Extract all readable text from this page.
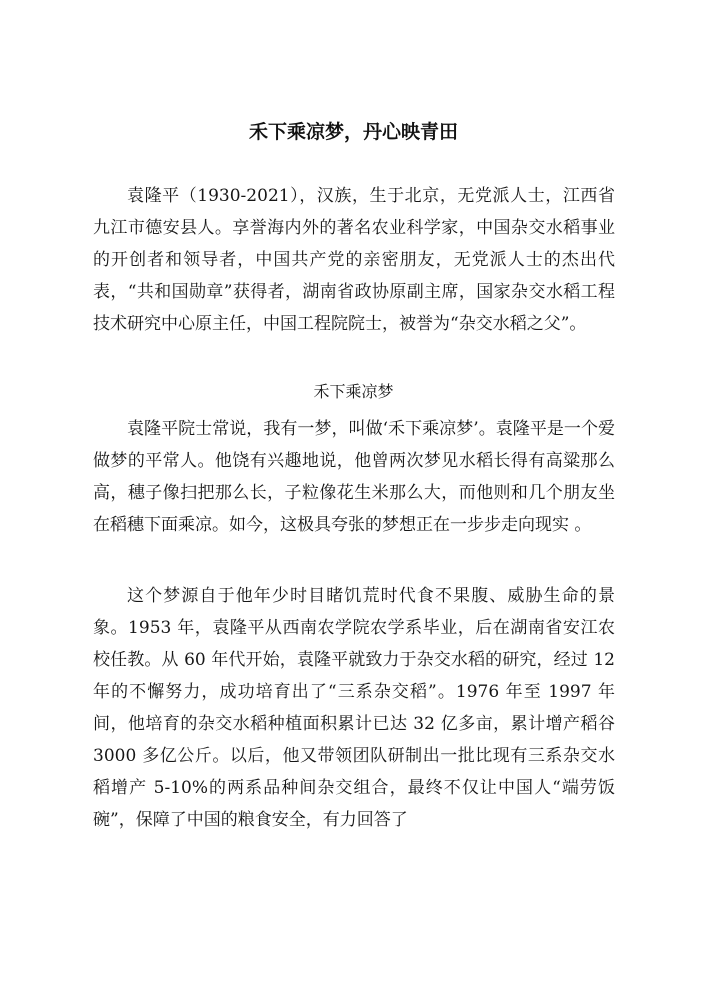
禾下乘凉梦，丹心映青田
袁隆平（1930-2021），汉族，生于北京，无党派人士，江西省九江市德安县人。享誉海内外的著名农业科学家，中国杂交水稻事业的开创者和领导者，中国共产党的亲密朋友，无党派人士的杰出代表，“共和国勋章”获得者，湖南省政协原副主席，国家杂交水稻工程技术研究中心原主任，中国工程院院士，被誉为“杂交水稻之父”。
禾下乘凉梦
袁隆平院士常说，我有一梦，叫做‘禾下乘凉梦’。袁隆平是一个爱做梦的平常人。他饶有兴趣地说，他曾两次梦见水稻长得有高粱那么高，穗子像扫把那么长，子粒像花生米那么大，而他则和几个朋友坐在稻穗下面乘凉。如今，这极具夸张的梦想正在一步步走向现实 。
这个梦源自于他年少时目睹饥荒时代食不果腹、威胁生命的景象。1953 年，袁隆平从西南农学院农学系毕业，后在湖南省安江农校任教。从 60 年代开始，袁隆平就致力于杂交水稻的研究，经过 12 年的不懈努力，成功培育出了“三系杂交稻”。1976 年至 1997 年间，他培育的杂交水稻种植面积累计已达 32 亿多亩，累计增产稻谷 3000 多亿公斤。以后，他又带领团队研制出一批比现有三系杂交水稻增产 5-10%的两系品种间杂交组合，最终不仅让中国人“端劳饭碗”，保障了中国的粮食安全，有力回答了
